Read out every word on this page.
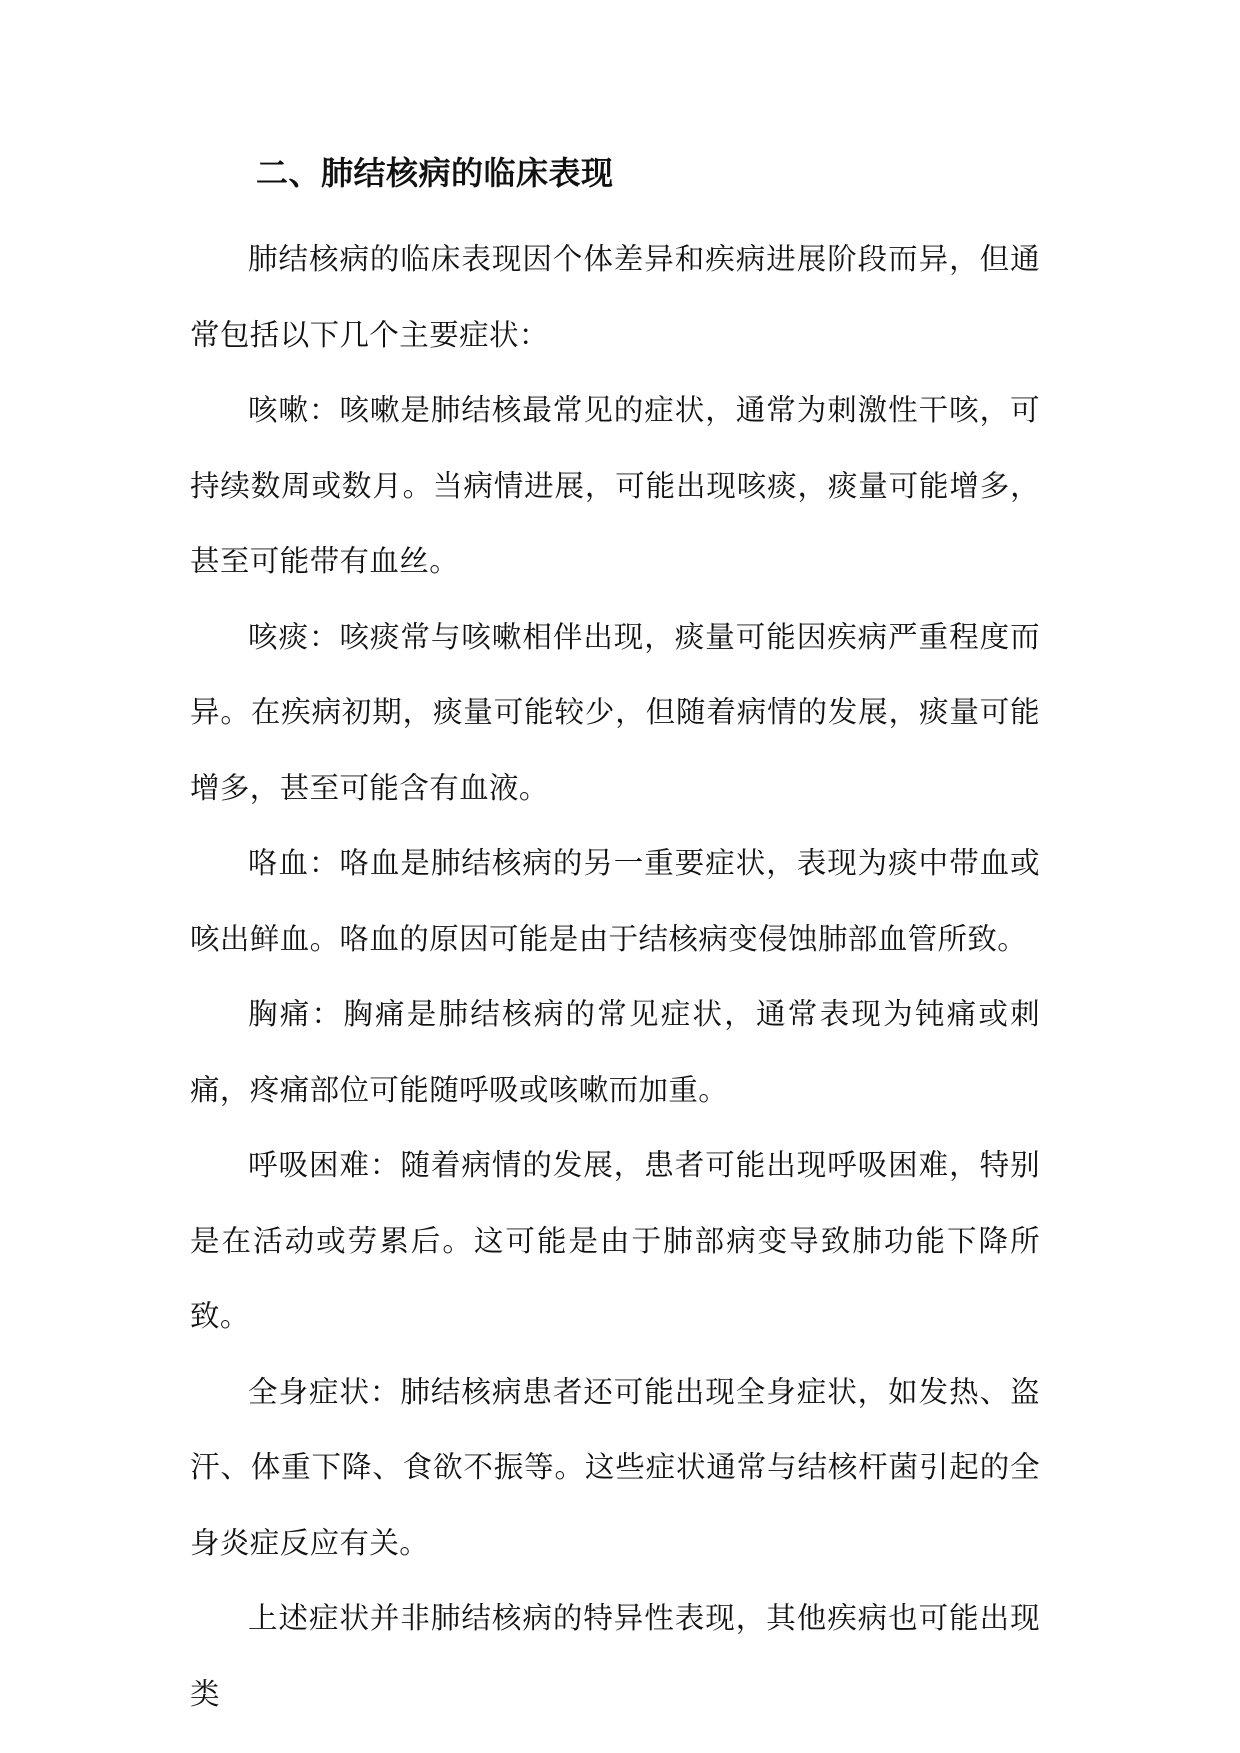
二、肺结核病的临床表现

肺结核病的临床表现因个体差异和疾病进展阶段而异，但通常包括以下几个主要症状：

咳嗽：咳嗽是肺结核最常见的症状，通常为刺激性干咳，可持续数周或数月。当病情进展，可能出现咳痰，痰量可能增多，甚至可能带有血丝。

咳痰：咳痰常与咳嗽相伴出现，痰量可能因疾病严重程度而异。在疾病初期，痰量可能较少，但随着病情的发展，痰量可能增多，甚至可能含有血液。

咯血：咯血是肺结核病的另一重要症状，表现为痰中带血或咳出鲜血。咯血的原因可能是由于结核病变侵蚀肺部血管所致。

胸痛：胸痛是肺结核病的常见症状，通常表现为钝痛或刺痛，疼痛部位可能随呼吸或咳嗽而加重。

呼吸困难：随着病情的发展，患者可能出现呼吸困难，特别是在活动或劳累后。这可能是由于肺部病变导致肺功能下降所致。

全身症状：肺结核病患者还可能出现全身症状，如发热、盗汗、体重下降、食欲不振等。这些症状通常与结核杆菌引起的全身炎症反应有关。

上述症状并非肺结核病的特异性表现，其他疾病也可能出现类
